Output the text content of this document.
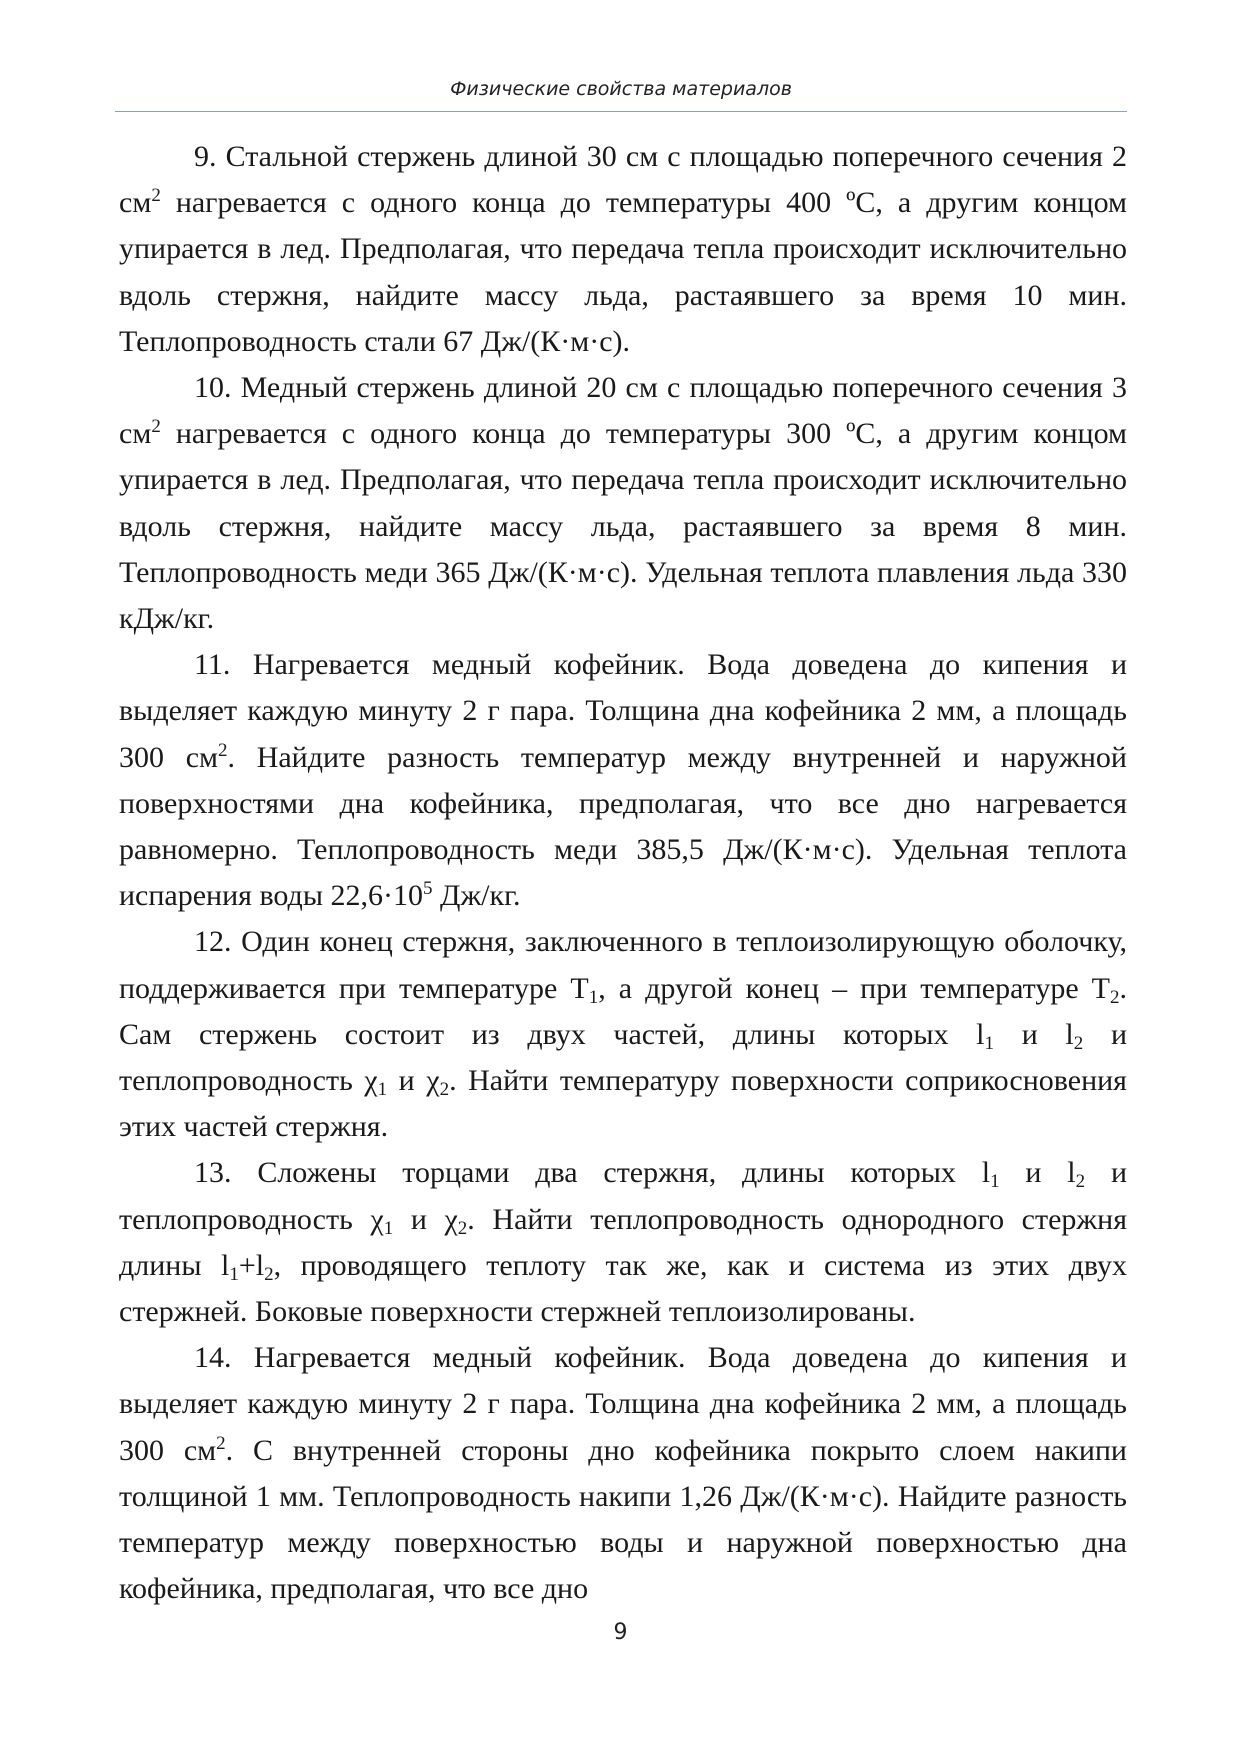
Физические свойства материалов

9. Стальной стержень длиной 30 см с площадью поперечного сечения 2 $см^2$ нагревается с одного конца до температуры 400 ºС, а другим концом упирается в лед. Предполагая, что передача тепла происходит исключительно вдоль стержня, найдите массу льда, растаявшего за время 10 мин. Теплопроводность стали 67 Дж/(К·м·с).

10. Медный стержень длиной 20 см с площадью поперечного сечения 3 $см^2$ нагревается с одного конца до температуры 300 ºС, а другим концом упирается в лед. Предполагая, что передача тепла происходит исключительно вдоль стержня, найдите массу льда, растаявшего за время 8 мин. Теплопроводность меди 365 Дж/(К·м·с). Удельная теплота плавления льда 330 кДж/кг.

11. Нагревается медный кофейник. Вода доведена до кипения и выделяет каждую минуту 2 г пара. Толщина дна кофейника 2 мм, а площадь 300 $см^2$. Найдите разность температур между внутренней и наружной поверхностями дна кофейника, предполагая, что все дно нагревается равномерно. Теплопроводность меди 385,5 Дж/(К·м·с). Удельная теплота испарения воды $22,6\cdot 10^5$ Дж/кг.

12. Один конец стержня, заключенного в теплоизолирующую оболочку, поддерживается при температуре $Т_1$, а другой конец – при температуре $Т_2$. Сам стержень состоит из двух частей, длины которых $l_1$ и $l_2$ и теплопроводность $\chi_1$ и $\chi_2$. Найти температуру поверхности соприкосновения этих частей стержня.

13. Сложены торцами два стержня, длины которых $l_1$ и $l_2$ и теплопроводность $\chi_1$ и $\chi_2$. Найти теплопроводность однородного стержня длины $l_1+l_2$, проводящего теплоту так же, как и система из этих двух стержней. Боковые поверхности стержней теплоизолированы.

14. Нагревается медный кофейник. Вода доведена до кипения и выделяет каждую минуту 2 г пара. Толщина дна кофейника 2 мм, а площадь 300 $см^2$. С внутренней стороны дно кофейника покрыто слоем накипи толщиной 1 мм. Теплопроводность накипи 1,26 Дж/(К·м·с). Найдите разность температур между поверхностью воды и наружной поверхностью дна кофейника, предполагая, что все дно

9
